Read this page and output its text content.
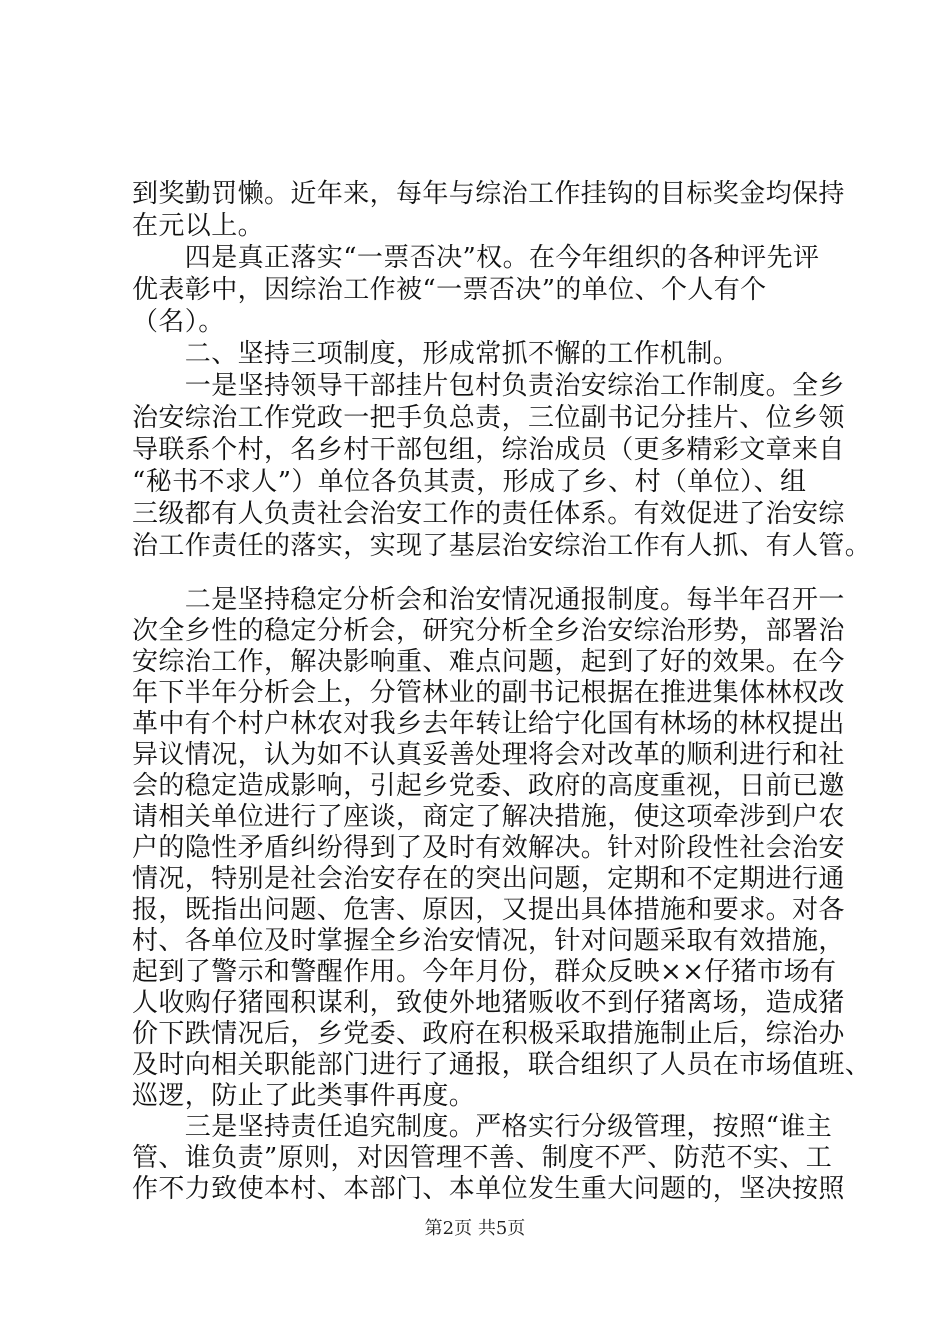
到奖勤罚懒。近年来，每年与综治工作挂钩的目标奖金均保持
在元以上。
　　四是真正落实“一票否决”权。在今年组织的各种评先评
优表彰中，因综治工作被“一票否决”的单位、个人有个
（名）。
　　二、坚持三项制度，形成常抓不懈的工作机制。
　　一是坚持领导干部挂片包村负责治安综治工作制度。全乡
治安综治工作党政一把手负总责，三位副书记分挂片、位乡领
导联系个村，名乡村干部包组，综治成员（更多精彩文章来自
“秘书不求人”）单位各负其责，形成了乡、村（单位）、组
三级都有人负责社会治安工作的责任体系。有效促进了治安综
治工作责任的落实，实现了基层治安综治工作有人抓、有人管。
　　二是坚持稳定分析会和治安情况通报制度。每半年召开一
次全乡性的稳定分析会，研究分析全乡治安综治形势，部署治
安综治工作，解决影响重、难点问题，起到了好的效果。在今
年下半年分析会上，分管林业的副书记根据在推进集体林权改
革中有个村户林农对我乡去年转让给宁化国有林场的林权提出
异议情况，认为如不认真妥善处理将会对改革的顺利进行和社
会的稳定造成影响，引起乡党委、政府的高度重视，日前已邀
请相关单位进行了座谈，商定了解决措施，使这项牵涉到户农
户的隐性矛盾纠纷得到了及时有效解决。针对阶段性社会治安
情况，特别是社会治安存在的突出问题，定期和不定期进行通
报，既指出问题、危害、原因，又提出具体措施和要求。对各
村、各单位及时掌握全乡治安情况，针对问题采取有效措施，
起到了警示和警醒作用。今年月份，群众反映××仔猪市场有
人收购仔猪囤积谋利，致使外地猪贩收不到仔猪离场，造成猪
价下跌情况后，乡党委、政府在积极采取措施制止后，综治办
及时向相关职能部门进行了通报，联合组织了人员在市场值班、
巡逻，防止了此类事件再度。
　　三是坚持责任追究制度。严格实行分级管理，按照“谁主
管、谁负责”原则，对因管理不善、制度不严、防范不实、工
作不力致使本村、本部门、本单位发生重大问题的，坚决按照
第2页 共5页
